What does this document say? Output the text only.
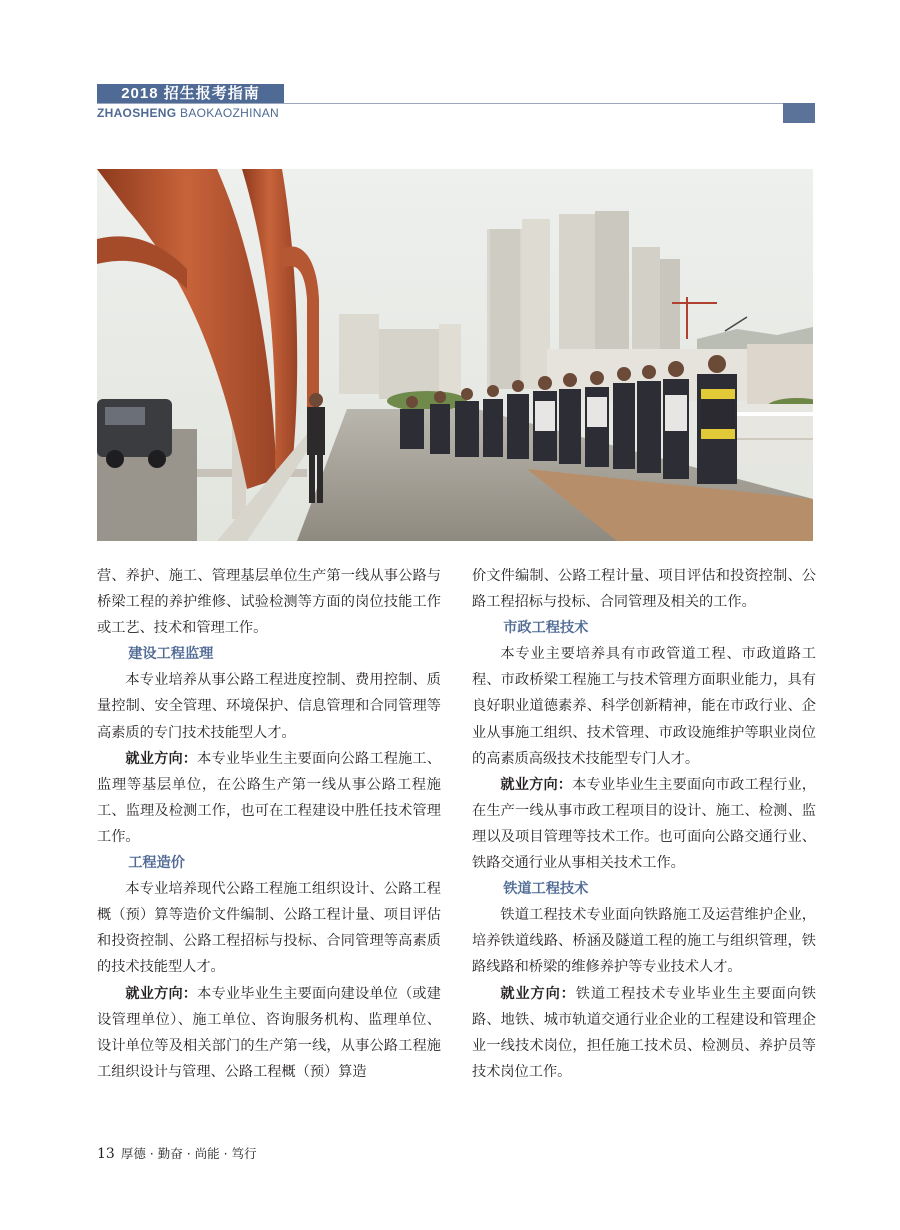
2018 招生报考指南
ZHAOSHENG BAOKAOZHINAN

营、养护、施工、管理基层单位生产第一线从事公路与桥梁工程的养护维修、试验检测等方面的岗位技能工作或工艺、技术和管理工作。

建设工程监理

本专业培养从事公路工程进度控制、费用控制、质量控制、安全管理、环境保护、信息管理和合同管理等高素质的专门技术技能型人才。

就业方向：本专业毕业生主要面向公路工程施工、监理等基层单位，在公路生产第一线从事公路工程施工、监理及检测工作，也可在工程建设中胜任技术管理工作。

工程造价

本专业培养现代公路工程施工组织设计、公路工程概（预）算等造价文件编制、公路工程计量、项目评估和投资控制、公路工程招标与投标、合同管理等高素质的技术技能型人才。

就业方向：本专业毕业生主要面向建设单位（或建设管理单位）、施工单位、咨询服务机构、监理单位、设计单位等及相关部门的生产第一线，从事公路工程施工组织设计与管理、公路工程概（预）算造

价文件编制、公路工程计量、项目评估和投资控制、公路工程招标与投标、合同管理及相关的工作。

市政工程技术

本专业主要培养具有市政管道工程、市政道路工程、市政桥梁工程施工与技术管理方面职业能力，具有良好职业道德素养、科学创新精神，能在市政行业、企业从事施工组织、技术管理、市政设施维护等职业岗位的高素质高级技术技能型专门人才。

就业方向：本专业毕业生主要面向市政工程行业，在生产一线从事市政工程项目的设计、施工、检测、监理以及项目管理等技术工作。也可面向公路交通行业、铁路交通行业从事相关技术工作。

铁道工程技术

铁道工程技术专业面向铁路施工及运营维护企业，培养铁道线路、桥涵及隧道工程的施工与组织管理，铁路线路和桥梁的维修养护等专业技术人才。

就业方向：铁道工程技术专业毕业生主要面向铁路、地铁、城市轨道交通行业企业的工程建设和管理企业一线技术岗位，担任施工技术员、检测员、养护员等技术岗位工作。

13 厚德 · 勤奋 · 尚能 · 笃行
